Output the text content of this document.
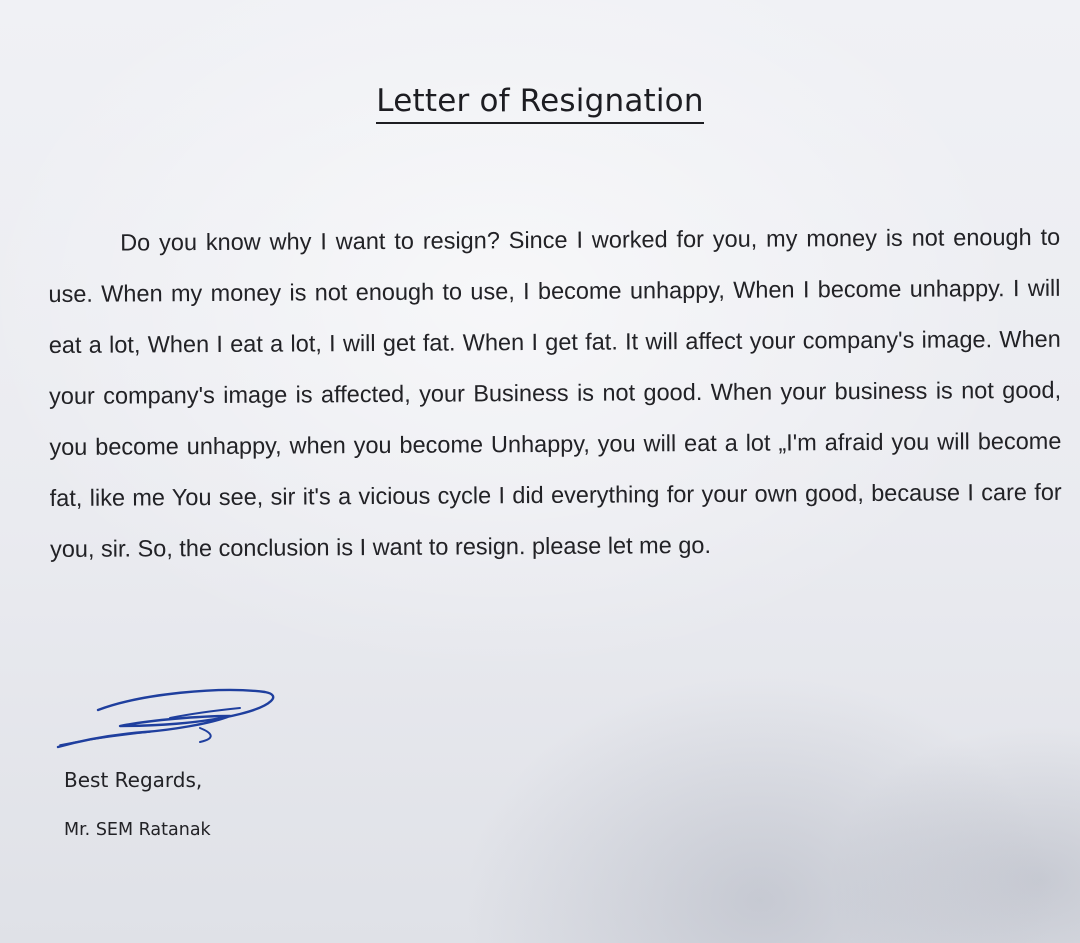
Letter of Resignation

Do you know why I want to resign? Since I worked for you, my money is not enough to use. When my money is not enough to use, I become unhappy, When I become unhappy. I will eat a lot, When I eat a lot, I will get fat. When I get fat. It will affect your company's image. When your company's image is affected, your Business is not good. When your business is not good, you become unhappy, when you become Unhappy, you will eat a lot „I'm afraid you will become fat, like me You see, sir it's a vicious cycle I did everything for your own good, because I care for you, sir. So, the conclusion is I want to resign. please let me go.

Best Regards,
Mr. SEM Ratanak
